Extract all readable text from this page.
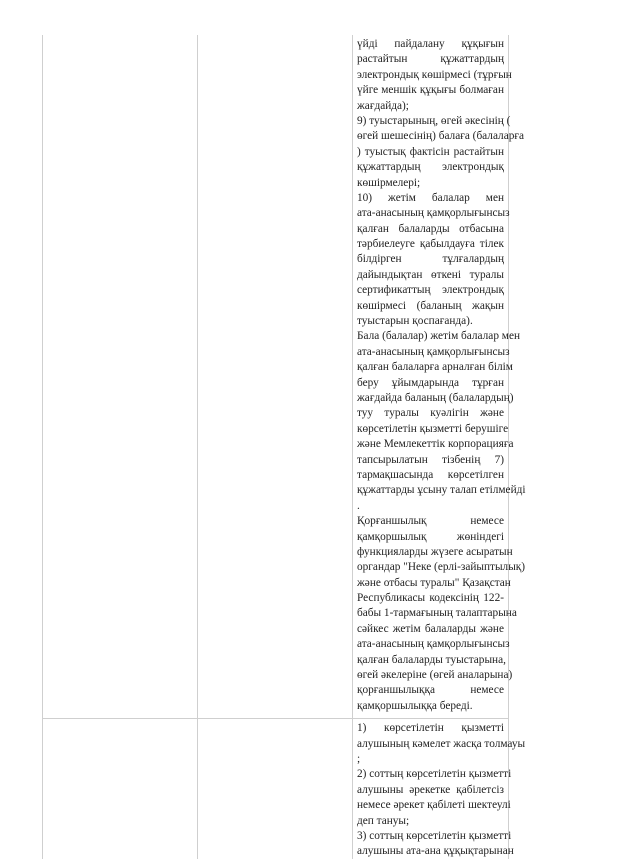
үйді пайдалану құқығын
растайтын құжаттардың
электрондық көшірмесі (тұрғын
үйге меншік құқығы болмаған
жағдайда);
9) туыстарының, өгей әкесінің (
өгей шешесінің) балаға (балаларға
) туыстық фактісін растайтын
құжаттардың электрондық
көшірмелері;
10) жетім балалар мен
ата-анасының қамқорлығынсыз
қалған балаларды отбасына
тәрбиелеуге қабылдауға тілек
білдірген тұлғалардың
дайындықтан өткені туралы
сертификаттың электрондық
көшірмесі (баланың жақын
туыстарын қоспағанда).
Бала (балалар) жетім балалар мен
ата-анасының қамқорлығынсыз
қалған балаларға арналған білім
беру ұйымдарында тұрған
жағдайда баланың (балалардың)
туу туралы куәлігін және
көрсетілетін қызметті берушіге
және Мемлекеттік корпорацияға
тапсырылатын тізбенің 7)
тармақшасында көрсетілген
құжаттарды ұсыну талап етілмейді
.
Қорғаншылық немесе
қамқоршылық жөніндегі
функцияларды жүзеге асыратын
органдар "Неке (ерлі-зайыптылық)
және отбасы туралы" Қазақстан
Республикасы кодексінің 122-
бабы 1-тармағының талаптарына
сәйкес жетім балаларды және
ата-анасының қамқорлығынсыз
қалған балаларды туыстарына,
өгей әкелеріне (өгей аналарына)
қорғаншылыққа немесе
қамқоршылыққа береді.
1) көрсетілетін қызметті
алушының кәмелет жасқа толмауы
;
2) соттың көрсетілетін қызметті
алушыны әрекетке қабілетсіз
немесе әрекет қабілеті шектеулі
деп тануы;
3) соттың көрсетілетін қызметті
алушыны ата-ана құқықтарынан
